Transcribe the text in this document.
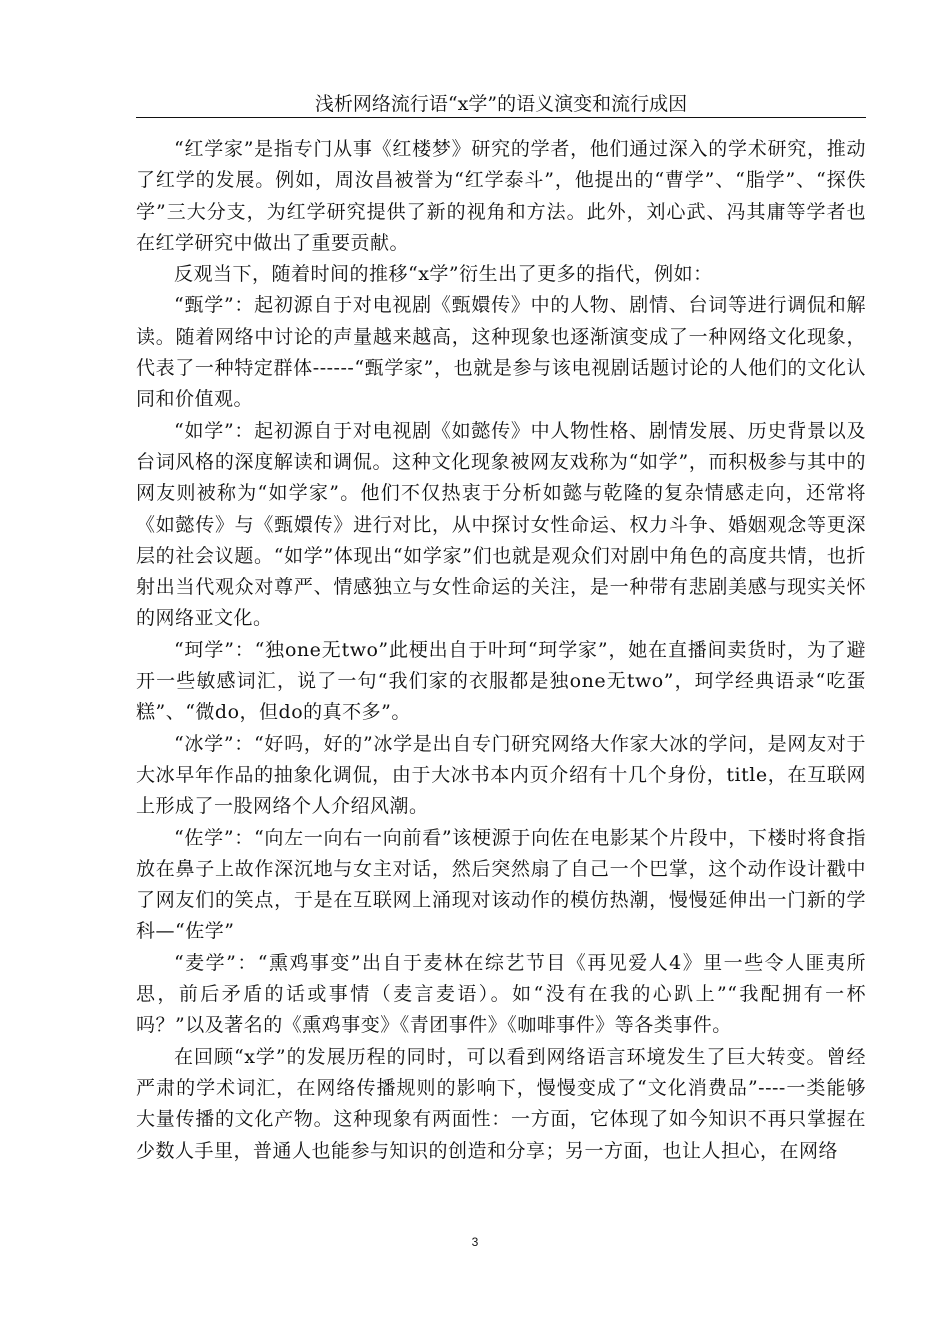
浅析网络流行语“x学”的语义演变和流行成因

“红学家”是指专门从事《红楼梦》研究的学者，他们通过深入的学术研究，推动了红学的发展。例如，周汝昌被誉为“红学泰斗”，他提出的“曹学”、“脂学”、“探佚学”三大分支，为红学研究提供了新的视角和方法。此外，刘心武、冯其庸等学者也在红学研究中做出了重要贡献。

反观当下，随着时间的推移“x学”衍生出了更多的指代，例如：

“甄学”：起初源自于对电视剧《甄嬛传》中的人物、剧情、台词等进行调侃和解读。随着网络中讨论的声量越来越高，这种现象也逐渐演变成了一种网络文化现象，代表了一种特定群体------“甄学家”，也就是参与该电视剧话题讨论的人他们的文化认同和价值观。

“如学”：起初源自于对电视剧《如懿传》中人物性格、剧情发展、历史背景以及台词风格的深度解读和调侃。这种文化现象被网友戏称为“如学”，而积极参与其中的网友则被称为“如学家”。他们不仅热衷于分析如懿与乾隆的复杂情感走向，还常将《如懿传》与《甄嬛传》进行对比，从中探讨女性命运、权力斗争、婚姻观念等更深层的社会议题。“如学”体现出“如学家”们也就是观众们对剧中角色的高度共情，也折射出当代观众对尊严、情感独立与女性命运的关注，是一种带有悲剧美感与现实关怀的网络亚文化。

“珂学”：“独one无two”此梗出自于叶珂“珂学家”，她在直播间卖货时，为了避开一些敏感词汇，说了一句“我们家的衣服都是独one无two”，珂学经典语录“吃蛋糕”、“微do，但do的真不多”。

“冰学”：“好吗，好的”冰学是出自专门研究网络大作家大冰的学问，是网友对于大冰早年作品的抽象化调侃，由于大冰书本内页介绍有十几个身份，title，在互联网上形成了一股网络个人介绍风潮。

“佐学”：“向左一向右一向前看”该梗源于向佐在电影某个片段中，下楼时将食指放在鼻子上故作深沉地与女主对话，然后突然扇了自己一个巴掌，这个动作设计戳中了网友们的笑点，于是在互联网上涌现对该动作的模仿热潮，慢慢延伸出一门新的学科—“佐学”

“麦学”：“熏鸡事变”出自于麦林在综艺节目《再见爱人4》里一些令人匪夷所思，前后矛盾的话或事情（麦言麦语）。如“没有在我的心趴上”“我配拥有一杯吗？”以及著名的《熏鸡事变》《青团事件》《咖啡事件》等各类事件。

在回顾“x学”的发展历程的同时，可以看到网络语言环境发生了巨大转变。曾经严肃的学术词汇，在网络传播规则的影响下，慢慢变成了“文化消费品”----一类能够大量传播的文化产物。这种现象有两面性：一方面，它体现了如今知识不再只掌握在少数人手里，普通人也能参与知识的创造和分享；另一方面，也让人担心，在网络

3
